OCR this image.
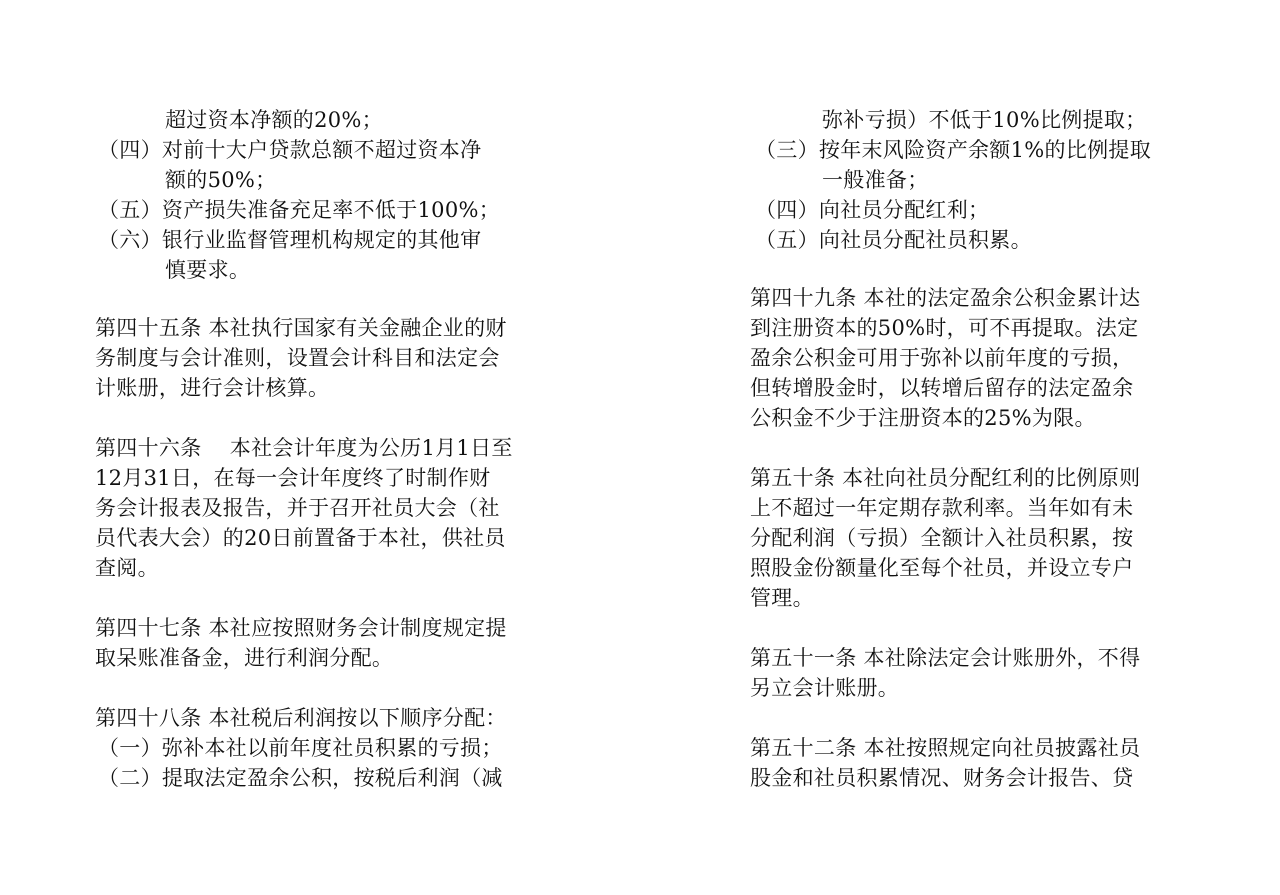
超过资本净额的20%；
（四）对前十大户贷款总额不超过资本净
额的50%；
（五）资产损失准备充足率不低于100%；
（六）银行业监督管理机构规定的其他审
慎要求。
第四十五条 本社执行国家有关金融企业的财
务制度与会计准则，设置会计科目和法定会
计账册，进行会计核算。
第四十六条　 本社会计年度为公历1月1日至
12月31日，在每一会计年度终了时制作财
务会计报表及报告，并于召开社员大会（社
员代表大会）的20日前置备于本社，供社员
查阅。
第四十七条 本社应按照财务会计制度规定提
取呆账准备金，进行利润分配。
第四十八条 本社税后利润按以下顺序分配：
（一）弥补本社以前年度社员积累的亏损；
（二）提取法定盈余公积，按税后利润（减
弥补亏损）不低于10%比例提取；
（三）按年末风险资产余额1%的比例提取
一般准备；
（四）向社员分配红利；
（五）向社员分配社员积累。
第四十九条 本社的法定盈余公积金累计达
到注册资本的50%时，可不再提取。法定
盈余公积金可用于弥补以前年度的亏损，
但转增股金时，以转增后留存的法定盈余
公积金不少于注册资本的25%为限。
第五十条 本社向社员分配红利的比例原则
上不超过一年定期存款利率。当年如有未
分配利润（亏损）全额计入社员积累，按
照股金份额量化至每个社员，并设立专户
管理。
第五十一条 本社除法定会计账册外，不得
另立会计账册。
第五十二条 本社按照规定向社员披露社员
股金和社员积累情况、财务会计报告、贷
